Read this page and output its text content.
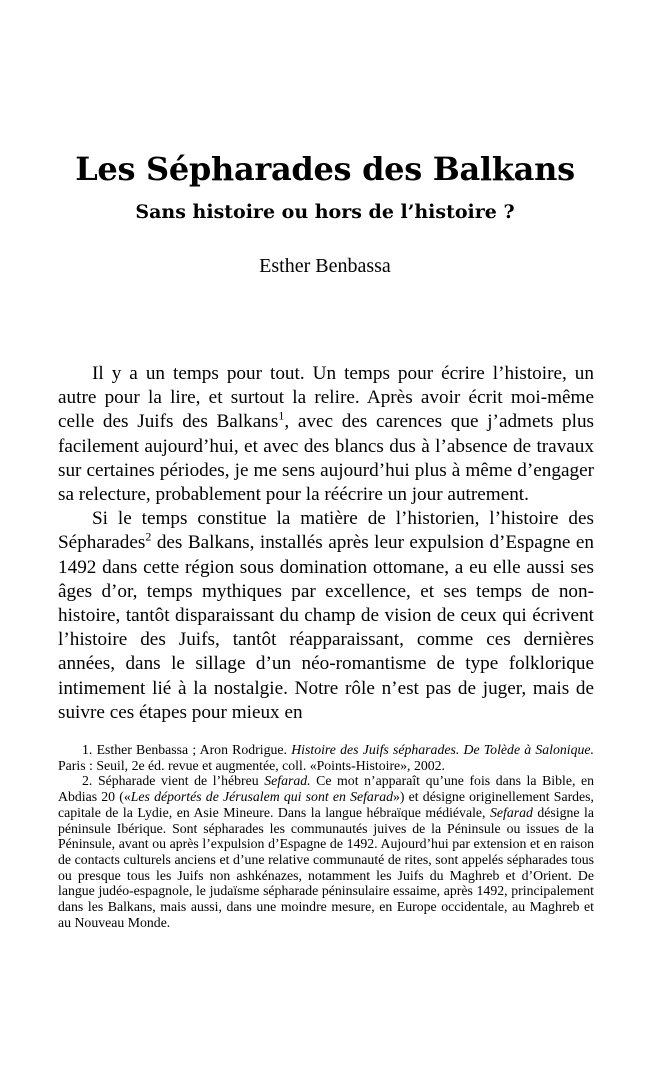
Les Sépharades des Balkans
Sans histoire ou hors de l’histoire ?
Esther Benbassa

Il y a un temps pour tout. Un temps pour écrire l’histoire, un autre pour la lire, et surtout la relire. Après avoir écrit moi-même celle des Juifs des Balkans$^1$, avec des carences que j’admets plus facilement aujourd’hui, et avec des blancs dus à l’absence de travaux sur certaines périodes, je me sens aujourd’hui plus à même d’engager sa relecture, probablement pour la réécrire un jour autrement.

Si le temps constitue la matière de l’historien, l’histoire des Sépharades$^2$ des Balkans, installés après leur expulsion d’Espagne en 1492 dans cette région sous domination ottomane, a eu elle aussi ses âges d’or, temps mythiques par excellence, et ses temps de non-histoire, tantôt disparaissant du champ de vision de ceux qui écrivent l’histoire des Juifs, tantôt réapparaissant, comme ces dernières années, dans le sillage d’un néo-romantisme de type folklorique intimement lié à la nostalgie. Notre rôle n’est pas de juger, mais de suivre ces étapes pour mieux en

1. Esther Benbassa ; Aron Rodrigue. Histoire des Juifs sépharades. De Tolède à Salonique. Paris : Seuil, 2e éd. revue et augmentée, coll. «Points-Histoire», 2002.

2. Sépharade vient de l’hébreu Sefarad. Ce mot n’apparaît qu’une fois dans la Bible, en Abdias 20 («Les déportés de Jérusalem qui sont en Sefarad») et désigne originellement Sardes, capitale de la Lydie, en Asie Mineure. Dans la langue hébraïque médiévale, Sefarad désigne la péninsule Ibérique. Sont sépharades les communautés juives de la Péninsule ou issues de la Péninsule, avant ou après l’expulsion d’Espagne de 1492. Aujourd’hui par extension et en raison de contacts culturels anciens et d’une relative communauté de rites, sont appelés sépharades tous ou presque tous les Juifs non ashkénazes, notamment les Juifs du Maghreb et d’Orient. De langue judéo-espagnole, le judaïsme sépharade péninsulaire essaime, après 1492, principalement dans les Balkans, mais aussi, dans une moindre mesure, en Europe occidentale, au Maghreb et au Nouveau Monde.
